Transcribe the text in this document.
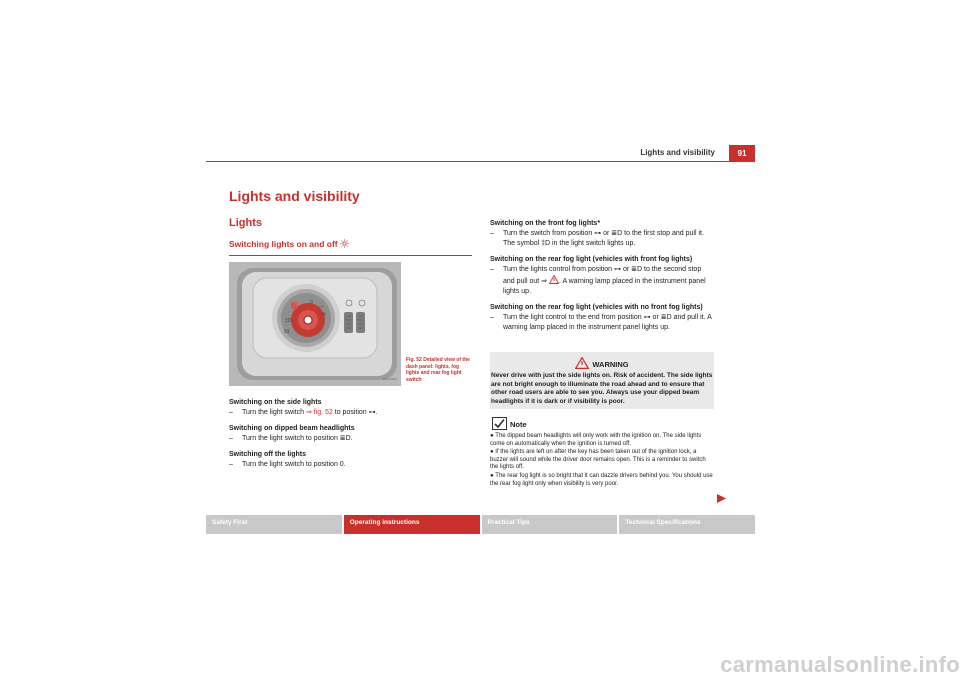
Lights and visibility	91
Lights and visibility
Lights
Switching lights on and off
0
⊶
▤
‡D
0‡
B6U-0136
Fig. 52 Detailed view of the dash panel: lights, fog lights and rear fog light switch

Switching on the side lights

– Turn the light switch ⇒ fig. 52 to position ⊶.

Switching on dipped beam headlights

– Turn the light switch to position ≣D.

Switching off the lights

– Turn the light switch to position 0.

Switching on the front fog lights*

– Turn the switch from position ⊶ or ≣D to the first stop and pull it. The symbol ‡D in the light switch lights up.

Switching on the rear fog light (vehicles with front fog lights)

– Turn the lights control from position ⊶ or ≣D to the second stop and pull out ⇒ . A warning lamp placed in the instrument panel lights up.

Switching on the rear fog light (vehicles with no front fog lights)

– Turn the light control to the end from position ⊶ or ≣D and pull it. A warning lamp placed in the instrument panel lights up.

WARNING
Never drive with just the side lights on. Risk of accident. The side lights are not bright enough to illuminate the road ahead and to ensure that other road users are able to see you. Always use your dipped beam headlights if it is dark or if visibility is poor.
Note

● The dipped beam headlights will only work with the ignition on. The side lights come on automatically when the ignition is turned off.

● If the lights are left on after the key has been taken out of the ignition lock, a buzzer will sound while the driver door remains open. This is a reminder to switch the lights off.

● The rear fog light is so bright that it can dazzle drivers behind you. You should use the rear fog light only when visibility is very poor.

Safety First	Operating instructions	Practical Tips	Technical Specifications
carmanualsonline.info
